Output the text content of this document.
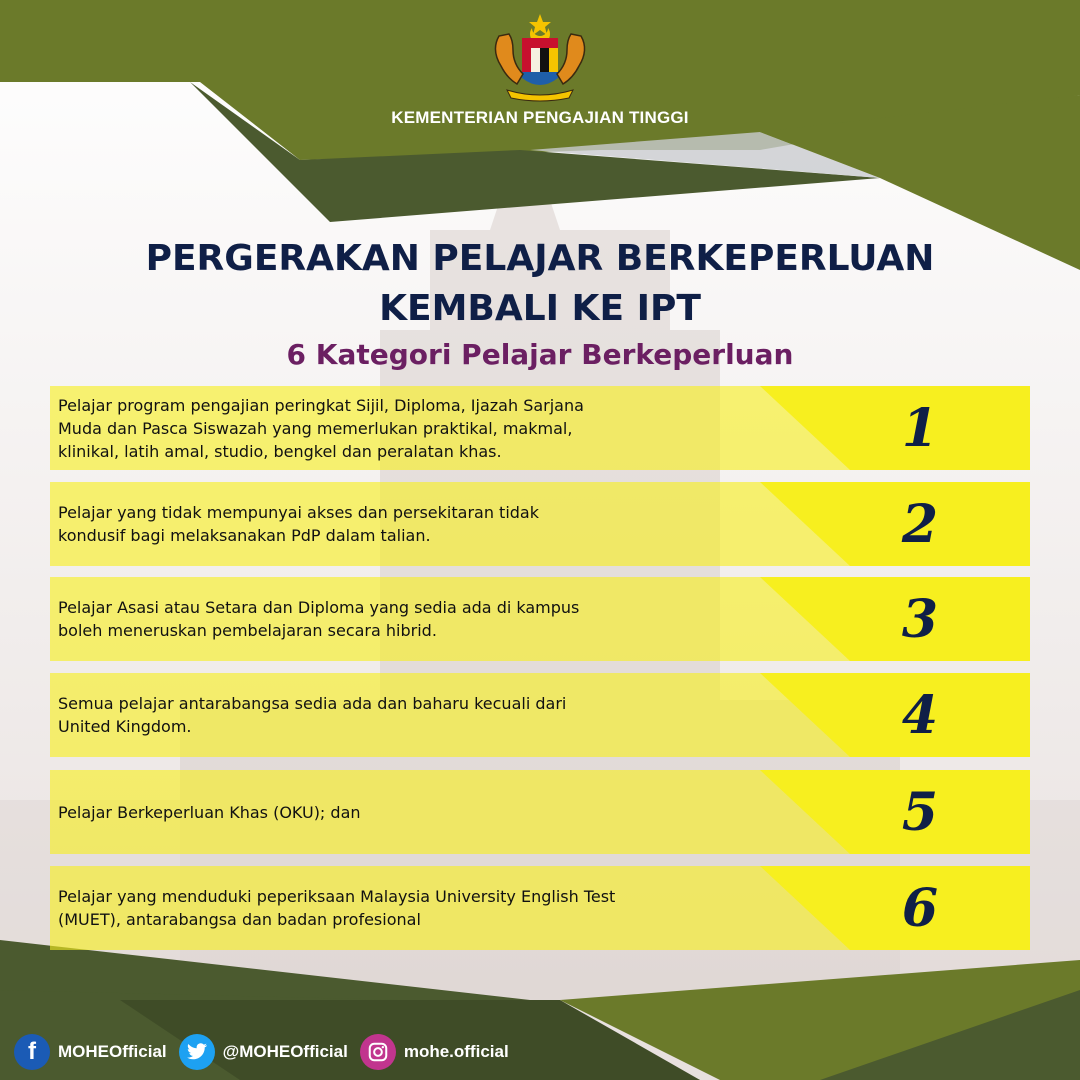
KEMENTERIAN PENGAJIAN TINGGI
PERGERAKAN PELAJAR BERKEPERLUAN
KEMBALI KE IPT
6 Kategori Pelajar Berkeperluan
Pelajar program pengajian peringkat Sijil, Diploma, Ijazah Sarjana
Muda dan Pasca Siswazah yang memerlukan praktikal, makmal,
klinikal, latih amal, studio, bengkel dan peralatan khas.	1
Pelajar yang tidak mempunyai akses dan persekitaran tidak
kondusif bagi melaksanakan PdP dalam talian.	2
Pelajar Asasi atau Setara dan Diploma yang sedia ada di kampus
boleh meneruskan pembelajaran secara hibrid.	3
Semua pelajar antarabangsa sedia ada dan baharu kecuali dari
United Kingdom.	4
Pelajar Berkeperluan Khas (OKU); dan	5
Pelajar yang menduduki peperiksaan Malaysia University English Test
(MUET), antarabangsa dan badan profesional	6
f	MOHEOfficial	@MOHEOfficial	mohe.official
